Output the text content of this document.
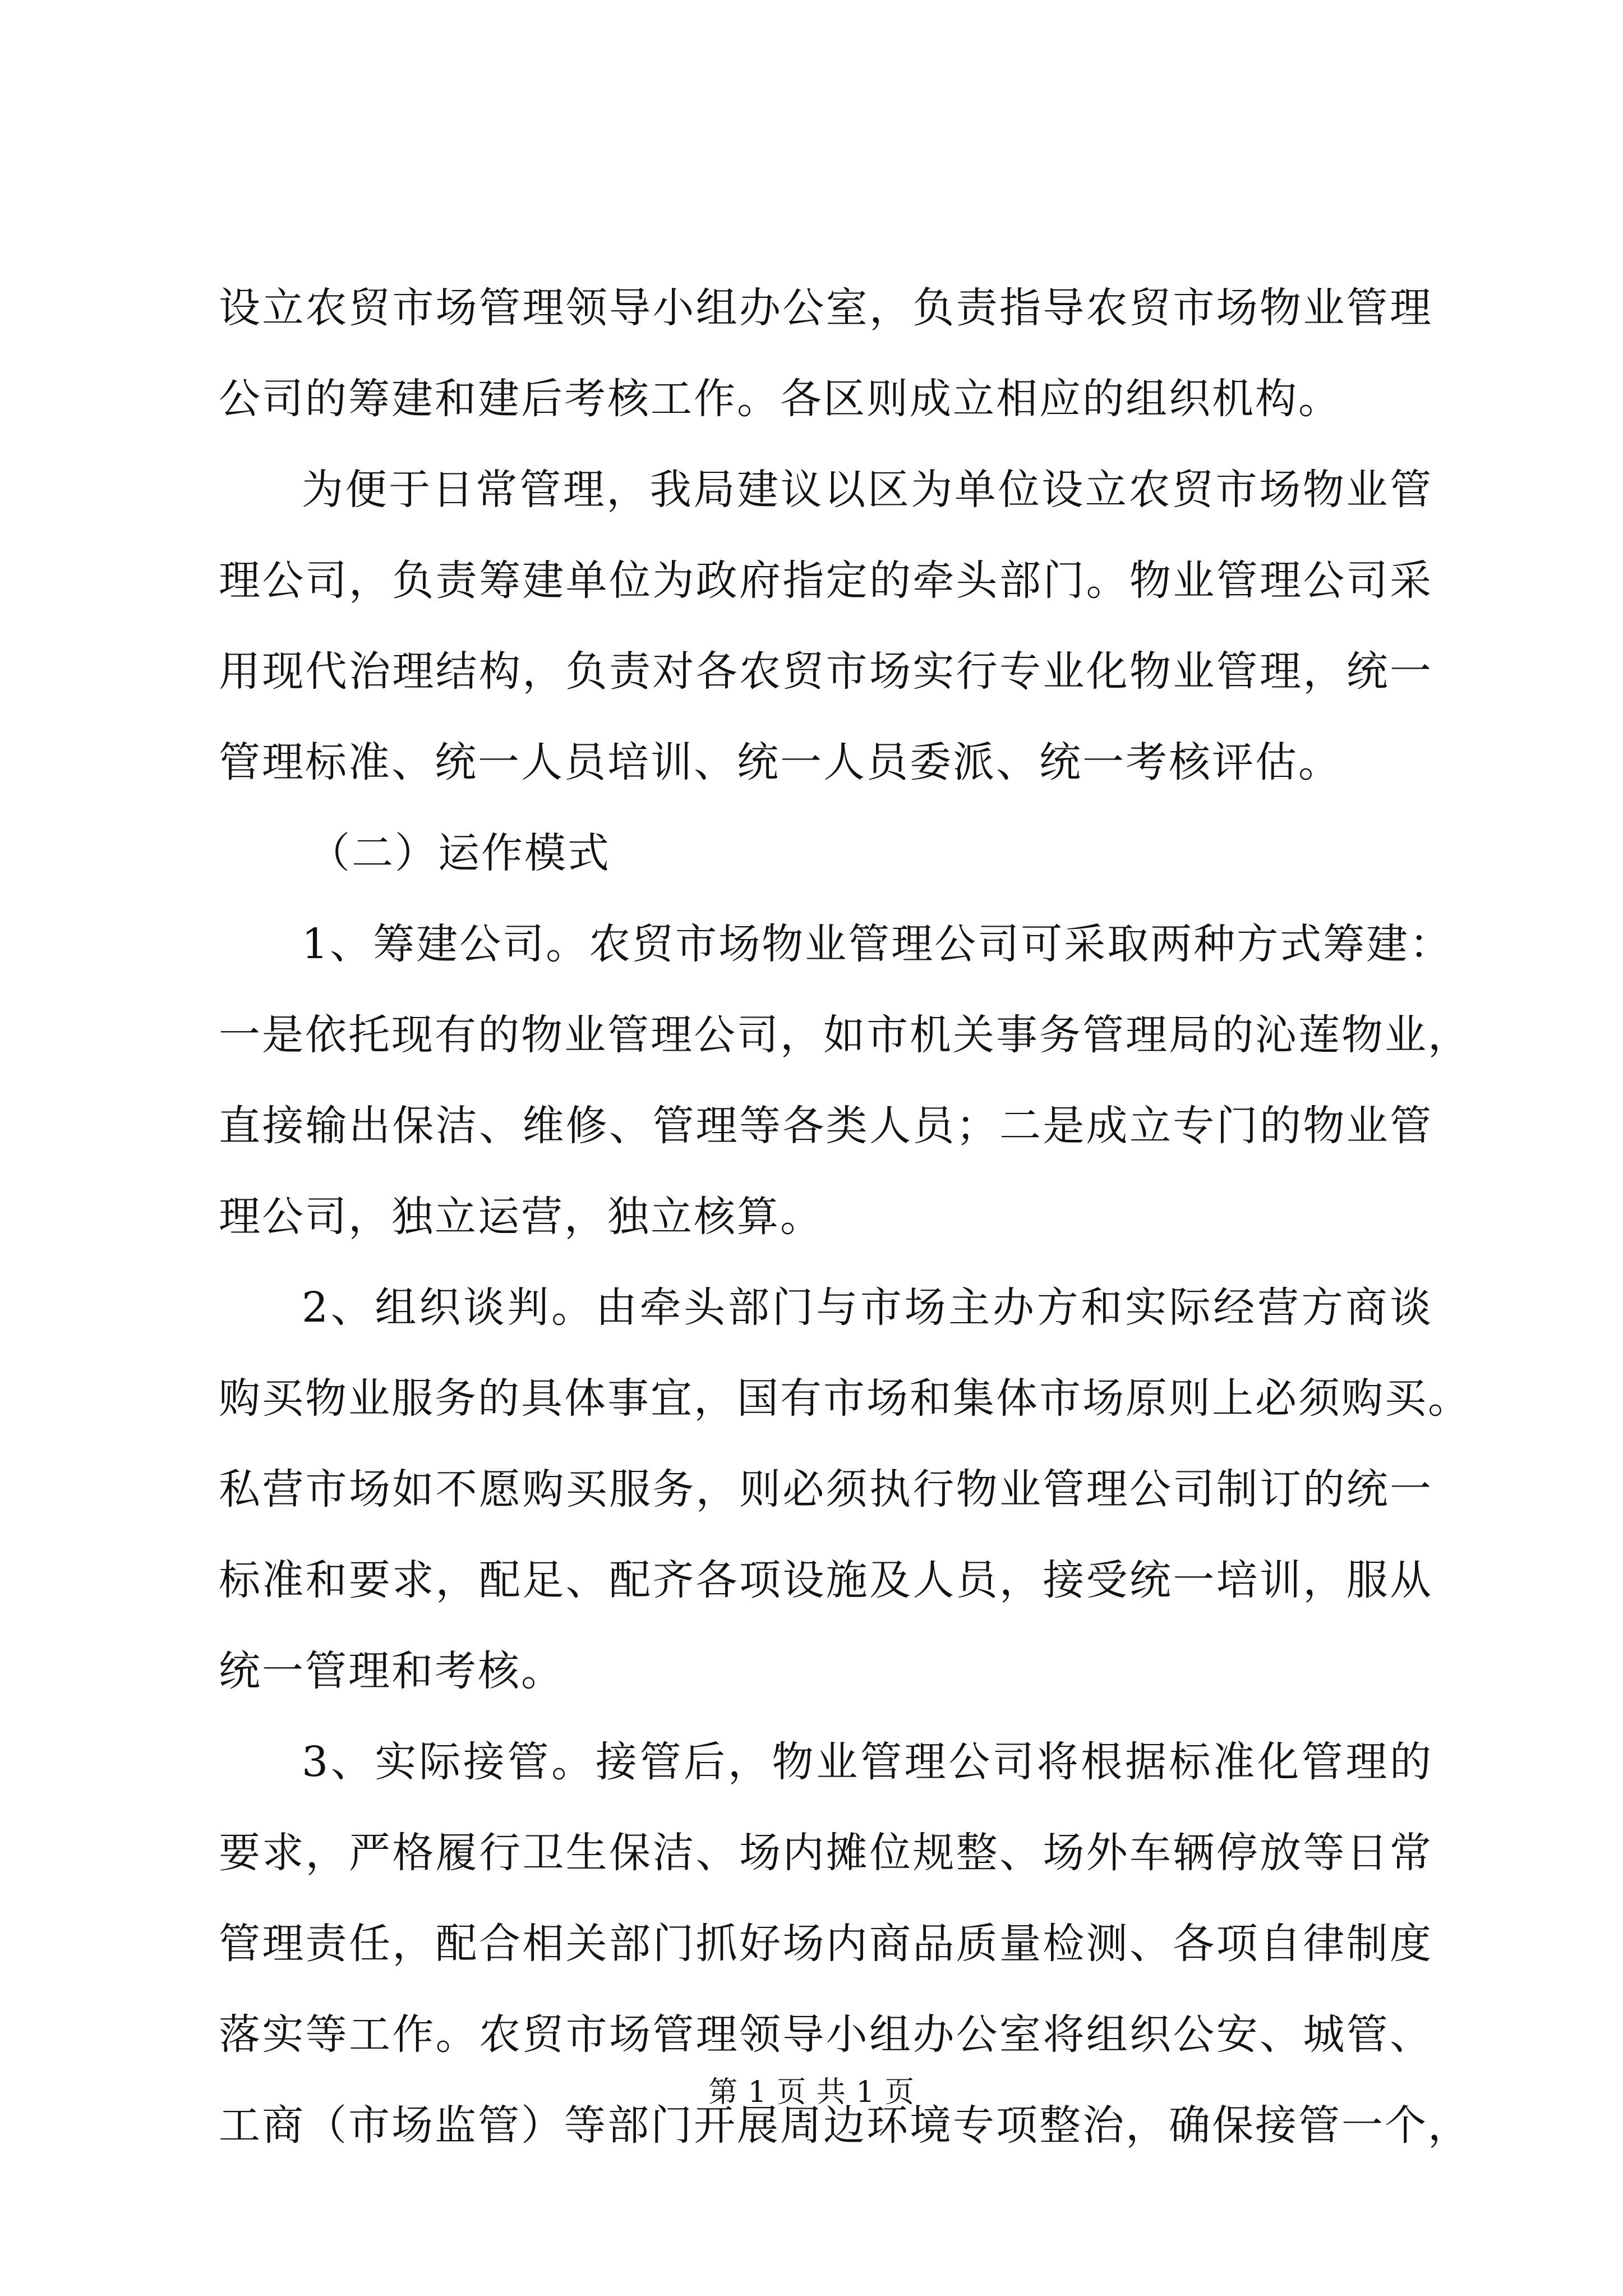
设立农贸市场管理领导小组办公室，负责指导农贸市场物业管理
公司的筹建和建后考核工作。各区则成立相应的组织机构。
为便于日常管理，我局建议以区为单位设立农贸市场物业管
理公司，负责筹建单位为政府指定的牵头部门。物业管理公司采
用现代治理结构，负责对各农贸市场实行专业化物业管理，统一
管理标准、统一人员培训、统一人员委派、统一考核评估。
（二）运作模式
1、筹建公司。农贸市场物业管理公司可采取两种方式筹建：
一是依托现有的物业管理公司，如市机关事务管理局的沁莲物业，
直接输出保洁、维修、管理等各类人员；二是成立专门的物业管
理公司，独立运营，独立核算。
2、组织谈判。由牵头部门与市场主办方和实际经营方商谈
购买物业服务的具体事宜，国有市场和集体市场原则上必须购买。
私营市场如不愿购买服务，则必须执行物业管理公司制订的统一
标准和要求，配足、配齐各项设施及人员，接受统一培训，服从
统一管理和考核。
3、实际接管。接管后，物业管理公司将根据标准化管理的
要求，严格履行卫生保洁、场内摊位规整、场外车辆停放等日常
管理责任，配合相关部门抓好场内商品质量检测、各项自律制度
落实等工作。农贸市场管理领导小组办公室将组织公安、城管、
工商（市场监管）等部门开展周边环境专项整治，确保接管一个，
第 1 页 共 1 页
